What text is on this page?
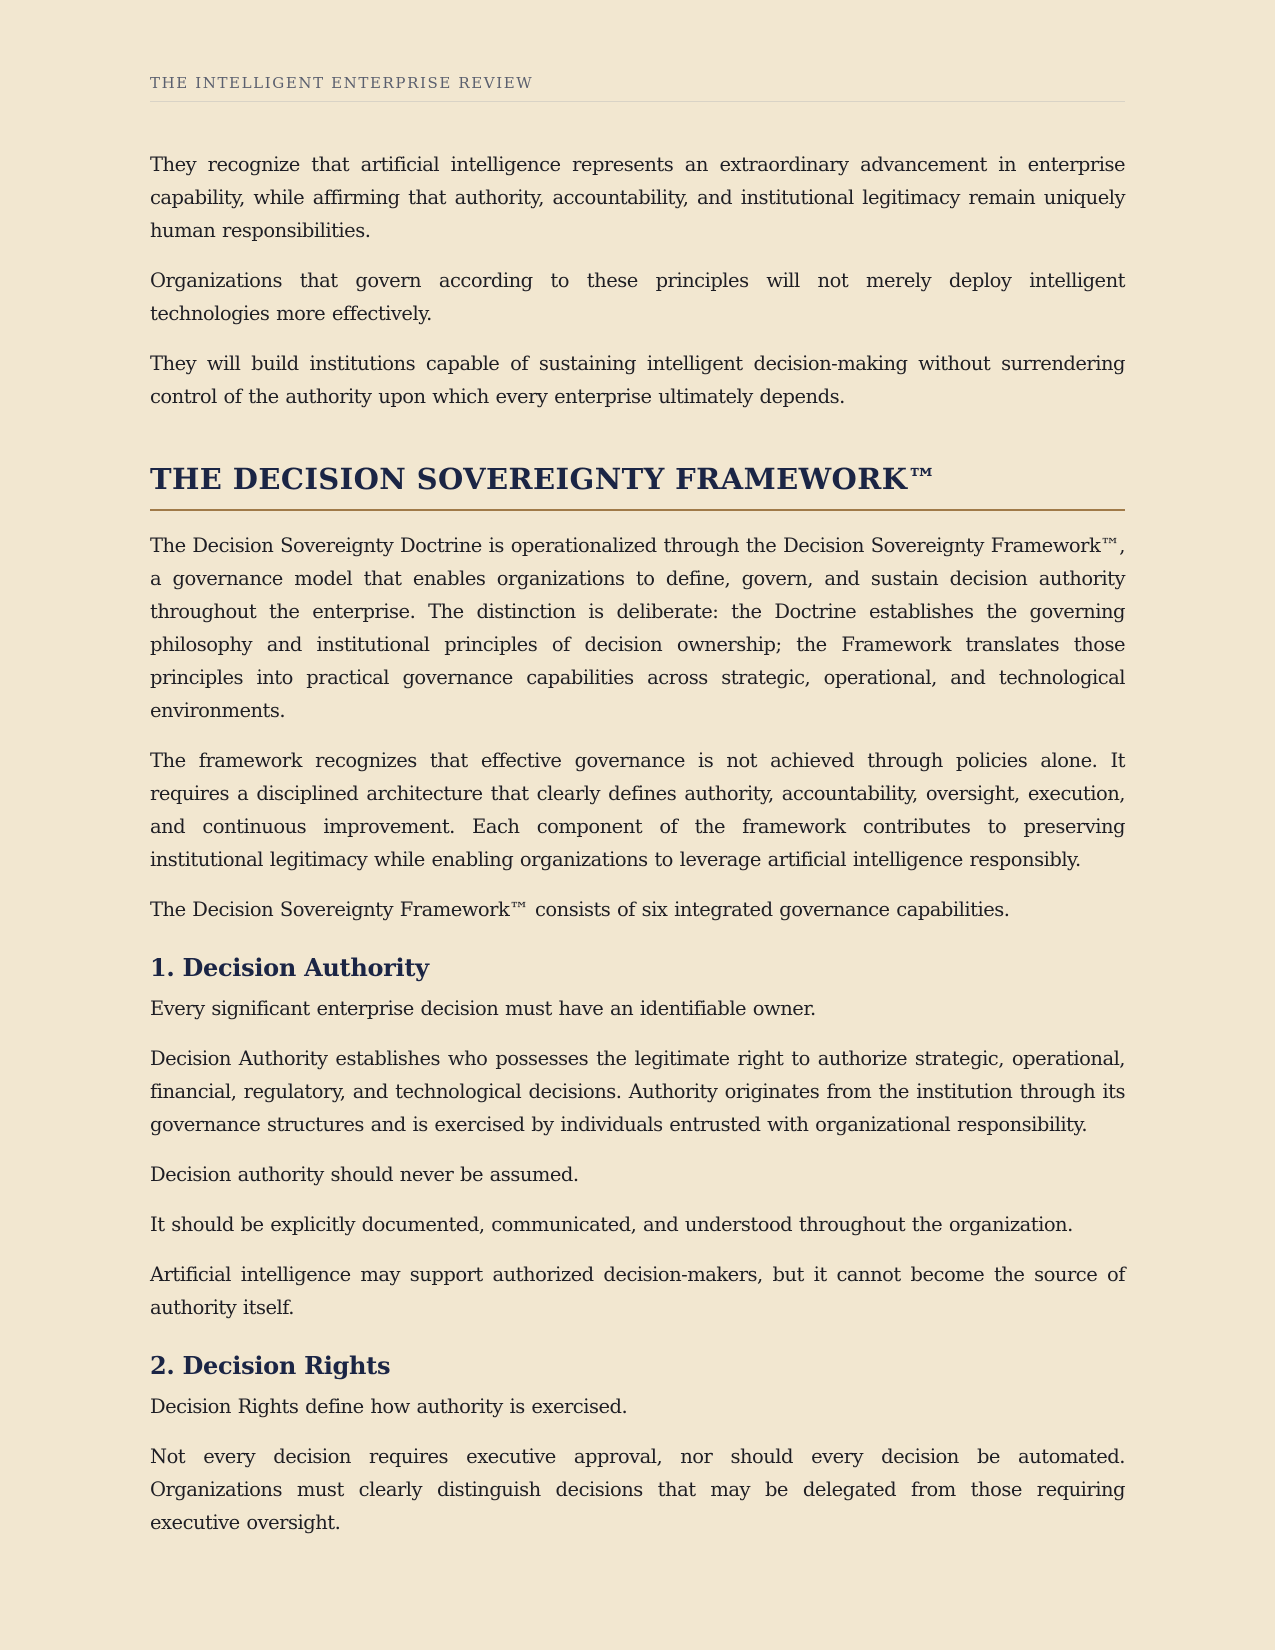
THE INTELLIGENT ENTERPRISE REVIEW

They recognize that artificial intelligence represents an extraordinary advancement in enterprise capability, while affirming that authority, accountability, and institutional legitimacy remain uniquely human responsibilities.

Organizations that govern according to these principles will not merely deploy intelligent technologies more effectively.

They will build institutions capable of sustaining intelligent decision-making without surrendering control of the authority upon which every enterprise ultimately depends.

THE DECISION SOVEREIGNTY FRAMEWORK™

The Decision Sovereignty Doctrine is operationalized through the Decision Sovereignty Framework™, a governance model that enables organizations to define, govern, and sustain decision authority throughout the enterprise. The distinction is deliberate: the Doctrine establishes the governing philosophy and institutional principles of decision ownership; the Framework translates those principles into practical governance capabilities across strategic, operational, and technological environments.

The framework recognizes that effective governance is not achieved through policies alone. It requires a disciplined architecture that clearly defines authority, accountability, oversight, execution, and continuous improvement. Each component of the framework contributes to preserving institutional legitimacy while enabling organizations to leverage artificial intelligence responsibly.

The Decision Sovereignty Framework™ consists of six integrated governance capabilities.

1. Decision Authority

Every significant enterprise decision must have an identifiable owner.

Decision Authority establishes who possesses the legitimate right to authorize strategic, operational, financial, regulatory, and technological decisions. Authority originates from the institution through its governance structures and is exercised by individuals entrusted with organizational responsibility.

Decision authority should never be assumed.

It should be explicitly documented, communicated, and understood throughout the organization.

Artificial intelligence may support authorized decision-makers, but it cannot become the source of authority itself.

2. Decision Rights

Decision Rights define how authority is exercised.

Not every decision requires executive approval, nor should every decision be automated. Organizations must clearly distinguish decisions that may be delegated from those requiring executive oversight.
